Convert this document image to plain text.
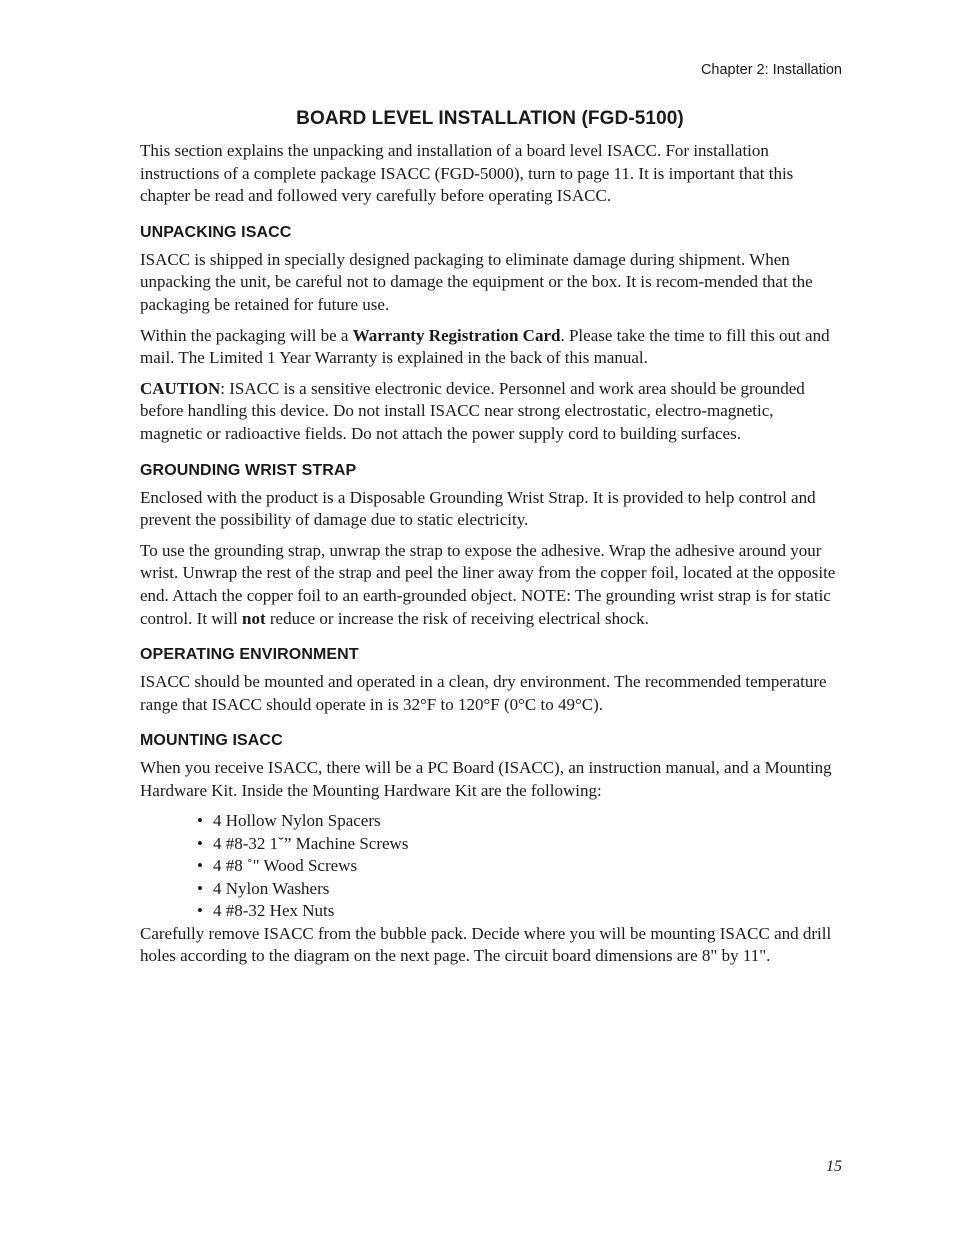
Chapter 2: Installation
BOARD LEVEL INSTALLATION (FGD-5100)

This section explains the unpacking and installation of a board level ISACC. For installation instructions of a complete package ISACC (FGD-5000), turn to page 11. It is important that this chapter be read and followed very carefully before operating ISACC.

UNPACKING ISACC

ISACC is shipped in specially designed packaging to eliminate damage during shipment. When unpacking the unit, be careful not to damage the equipment or the box. It is recom-mended that the packaging be retained for future use.

Within the packaging will be a Warranty Registration Card. Please take the time to fill this out and mail. The Limited 1 Year Warranty is explained in the back of this manual.

CAUTION: ISACC is a sensitive electronic device. Personnel and work area should be grounded before handling this device. Do not install ISACC near strong electrostatic, electro-magnetic, magnetic or radioactive fields. Do not attach the power supply cord to building surfaces.

GROUNDING WRIST STRAP

Enclosed with the product is a Disposable Grounding Wrist Strap. It is provided to help control and prevent the possibility of damage due to static electricity.

To use the grounding strap, unwrap the strap to expose the adhesive. Wrap the adhesive around your wrist. Unwrap the rest of the strap and peel the liner away from the copper foil, located at the opposite end. Attach the copper foil to an earth-grounded object. NOTE: The grounding wrist strap is for static control. It will not reduce or increase the risk of receiving electrical shock.

OPERATING ENVIRONMENT

ISACC should be mounted and operated in a clean, dry environment. The recommended temperature range that ISACC should operate in is 32°F to 120°F (0°C to 49°C).

MOUNTING ISACC

When you receive ISACC, there will be a PC Board (ISACC), an instruction manual, and a Mounting Hardware Kit. Inside the Mounting Hardware Kit are the following:

• 4 Hollow Nylon Spacers
• 4 #8-32 1˘” Machine Screws
• 4 #8 ˚" Wood Screws
• 4 Nylon Washers
• 4 #8-32 Hex Nuts

Carefully remove ISACC from the bubble pack. Decide where you will be mounting ISACC and drill holes according to the diagram on the next page. The circuit board dimensions are 8" by 11".

15
